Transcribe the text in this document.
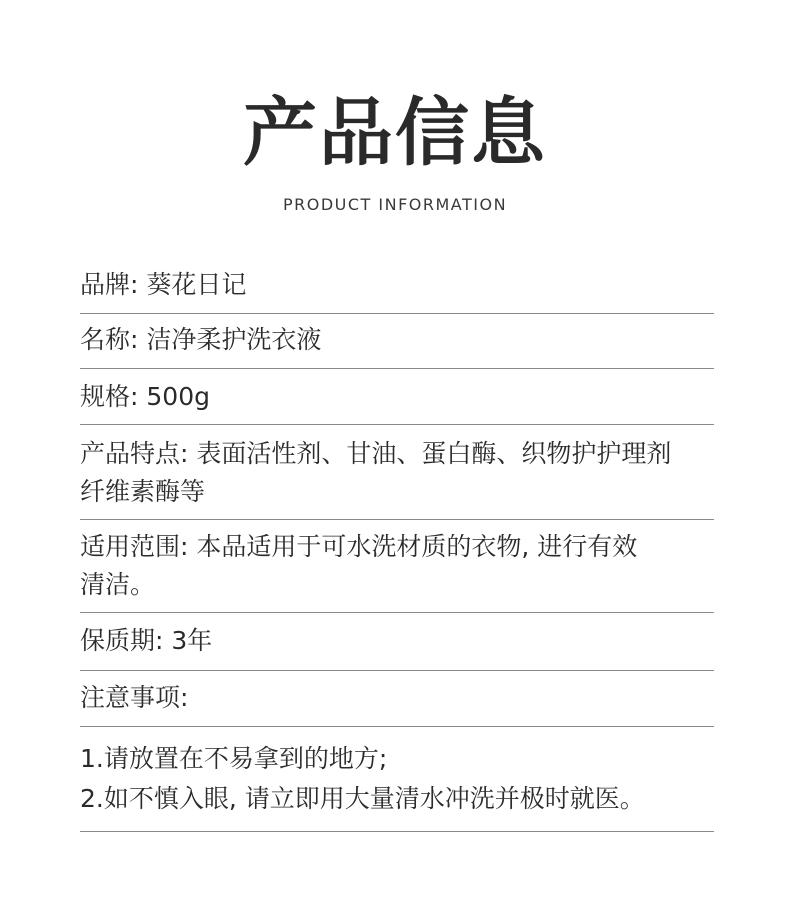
产品信息
PRODUCT INFORMATION
品牌: 葵花日记
名称: 洁净柔护洗衣液
规格: 500g
产品特点: 表面活性剂、甘油、蛋白酶、织物护护理剂
纤维素酶等
适用范围: 本品适用于可水洗材质的衣物, 进行有效
清洁。
保质期: 3年
注意事项:
1.请放置在不易拿到的地方;
2.如不慎入眼, 请立即用大量清水冲洗并极时就医。
